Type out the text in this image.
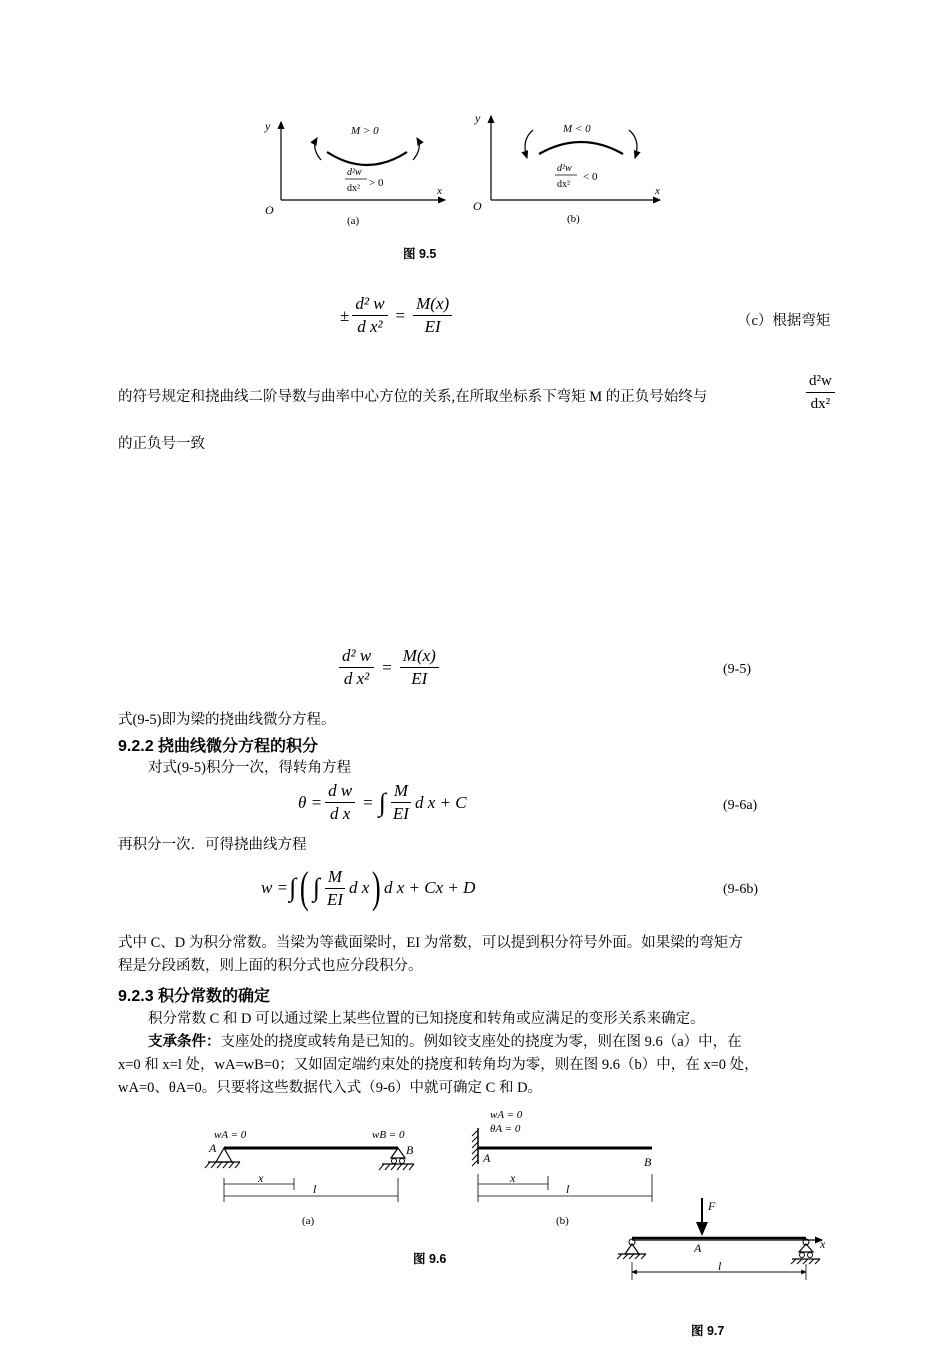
y	M > 0
d²w
dx² > 0
x
O
(a)
y
M < 0
d²w
dx²
< 0
x
O
(b)
图 9.5
± $\frac{\text{d² w}}{\text{d x²}} = \frac{M(x)}{EI}$	（c）根据弯矩
的符号规定和挠曲线二阶导数与曲率中心方位的关系,在所取坐标系下弯矩 M 的正负号始终与	$\frac{\text{d²w}}{\text{dx²}}$
的正负号一致
$\frac{\text{d² w}}{\text{d x²}} = \frac{M(x)}{EI}$	(9-5)
式(9-5)即为梁的挠曲线微分方程。
9.2.2 挠曲线微分方程的积分
对式(9-5)积分一次，得转角方程
$\theta = \frac{\text{d w}}{\text{d x}}$ = ∫ $\frac{M}{EI}$ d x + C	(9-6a)
再积分一次．可得挠曲线方程
w = ∫ ( ∫ $\frac{M}{EI}$ d x ) d x + Cx + D	(9-6b)
式中 C、D 为积分常数。当梁为等截面梁时，EI 为常数，可以提到积分符号外面。如果梁的弯矩方
程是分段函数，则上面的积分式也应分段积分。
9.2.3 积分常数的确定
积分常数 C 和 D 可以通过梁上某些位置的已知挠度和转角或应满足的变形关系来确定。
支承条件：支座处的挠度或转角是已知的。例如铰支座处的挠度为零，则在图 9.6（a）中，在
x=0 和 x=l 处，wA=wB=0；又如固定端约束处的挠度和转角均为零，则在图 9.6（b）中，在 x=0 处，
wA=0、θA=0。只要将这些数据代入式（9-6）中就可确定 C 和 D。
wA = 0	wB = 0
A	B
x
l
(a)
wA = 0
θA = 0
A	B
x
l
(b)
图 9.6
F
A	x
l
图 9.7
